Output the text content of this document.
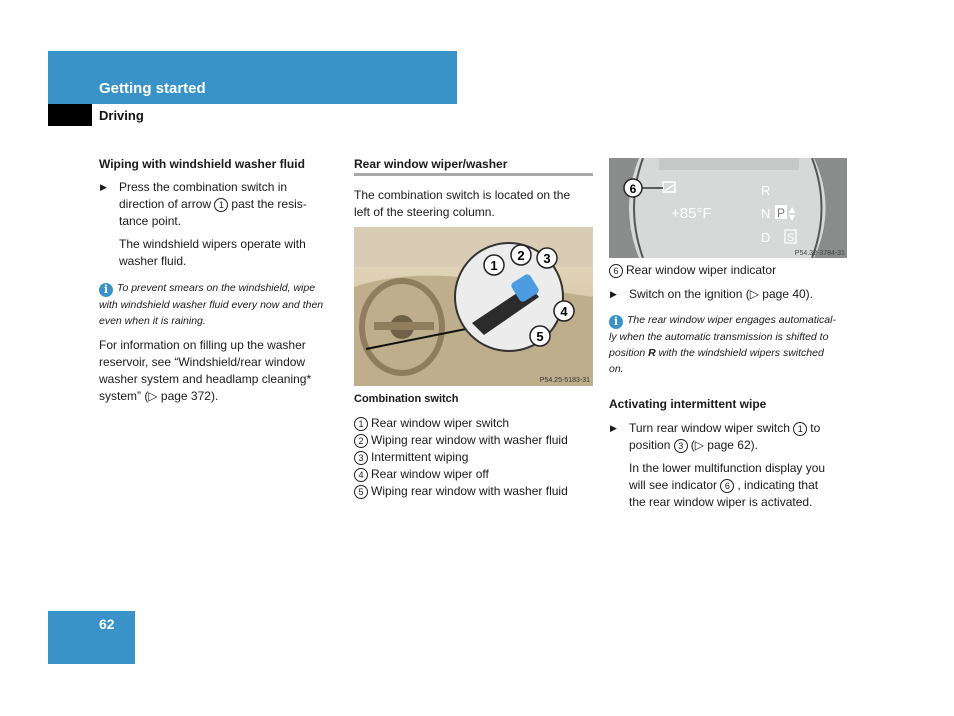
Getting started
Driving

Wiping with windshield washer fluid

▶ Press the combination switch in
direction of arrow 1 past the resis-
tance point.

The windshield wipers operate with
washer fluid.

i To prevent smears on the windshield, wipe
with windshield washer fluid every now and then
even when it is raining.

For information on filling up the washer
reservoir, see “Windshield/rear window
washer system and headlamp cleaning*
system” (▷ page 372).

Rear window wiper/washer

The combination switch is located on the
left of the steering column.
1
2 3
4
5
P54.25-5183-31

Combination switch

1 Rear window wiper switch

2 Wiping rear window with washer fluid

3 Intermittent wiping

4 Rear window wiper off

5 Wiping rear window with washer fluid

6
+85°F
R
N P ▲
▼
D S
P54.32-3784-31

6 Rear window wiper indicator

▶ Switch on the ignition (▷ page 40).

i The rear window wiper engages automatical-
ly when the automatic transmission is shifted to
position R with the windshield wipers switched
on.

Activating intermittent wipe

▶ Turn rear window wiper switch 1 to
position 3 (▷ page 62).

In the lower multifunction display you
will see indicator 6 , indicating that
the rear window wiper is activated.

62
